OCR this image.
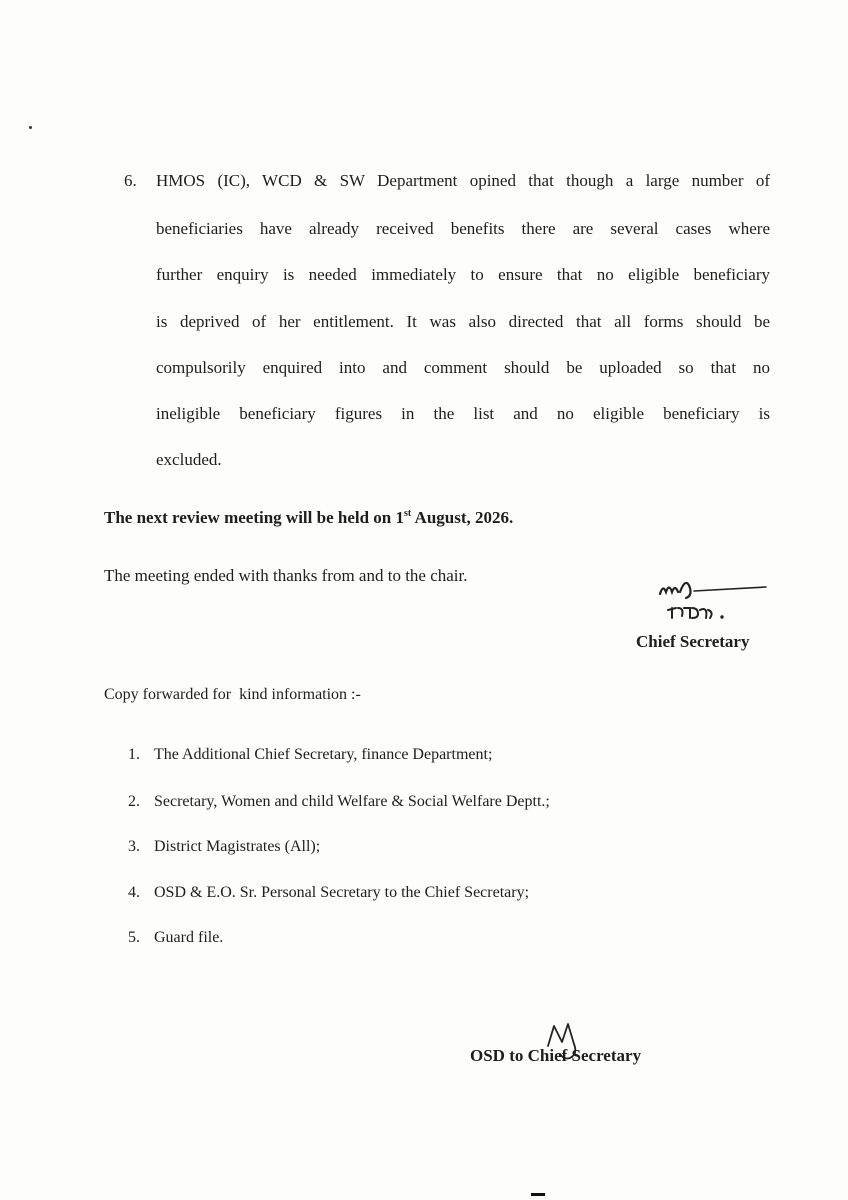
6. HMOS (IC), WCD & SW Department opined that though a large number of
beneficiaries have already received benefits there are several cases where
further enquiry is needed immediately to ensure that no eligible beneficiary
is deprived of her entitlement. It was also directed that all forms should be
compulsorily enquired into and comment should be uploaded so that no
ineligible beneficiary figures in the list and no eligible beneficiary is
excluded.
The next review meeting will be held on 1st August, 2026.
The meeting ended with thanks from and to the chair.
Chief Secretary
Copy forwarded for  kind information :-
1. The Additional Chief Secretary, finance Department;
2. Secretary, Women and child Welfare & Social Welfare Deptt.;
3. District Magistrates (All);
4. OSD & E.O. Sr. Personal Secretary to the Chief Secretary;
5. Guard file.
OSD to Chief Secretary
